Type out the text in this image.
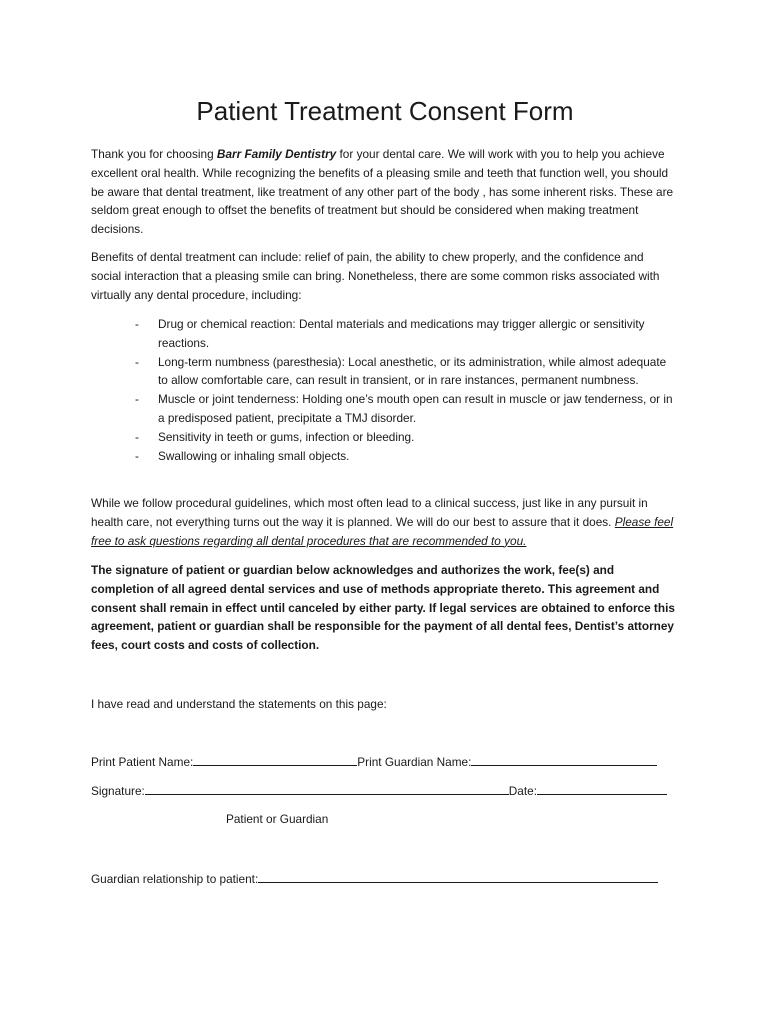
Patient Treatment Consent Form

Thank you for choosing Barr Family Dentistry for your dental care. We will work with you to help you achieve excellent oral health. While recognizing the benefits of a pleasing smile and teeth that function well, you should be aware that dental treatment, like treatment of any other part of the body , has some inherent risks. These are seldom great enough to offset the benefits of treatment but should be considered when making treatment decisions.

Benefits of dental treatment can include: relief of pain, the ability to chew properly, and the confidence and social interaction that a pleasing smile can bring. Nonetheless, there are some common risks associated with virtually any dental procedure, including:

- Drug or chemical reaction: Dental materials and medications may trigger allergic or sensitivity reactions.
- Long-term numbness (paresthesia): Local anesthetic, or its administration, while almost adequate to allow comfortable care, can result in transient, or in rare instances, permanent numbness.
- Muscle or joint tenderness: Holding one’s mouth open can result in muscle or jaw tenderness, or in a predisposed patient, precipitate a TMJ disorder.
- Sensitivity in teeth or gums, infection or bleeding.
- Swallowing or inhaling small objects.

While we follow procedural guidelines, which most often lead to a clinical success, just like in any pursuit in health care, not everything turns out the way it is planned. We will do our best to assure that it does. Please feel free to ask questions regarding all dental procedures that are recommended to you.

The signature of patient or guardian below acknowledges and authorizes the work, fee(s) and completion of all agreed dental services and use of methods appropriate thereto. This agreement and consent shall remain in effect until canceled by either party. If legal services are obtained to enforce this agreement, patient or guardian shall be responsible for the payment of all dental fees, Dentist’s attorney fees, court costs and costs of collection.

I have read and understand the statements on this page:

Print Patient Name:	Print Guardian Name:

Signature:	Date:

Patient or Guardian

Guardian relationship to patient:
